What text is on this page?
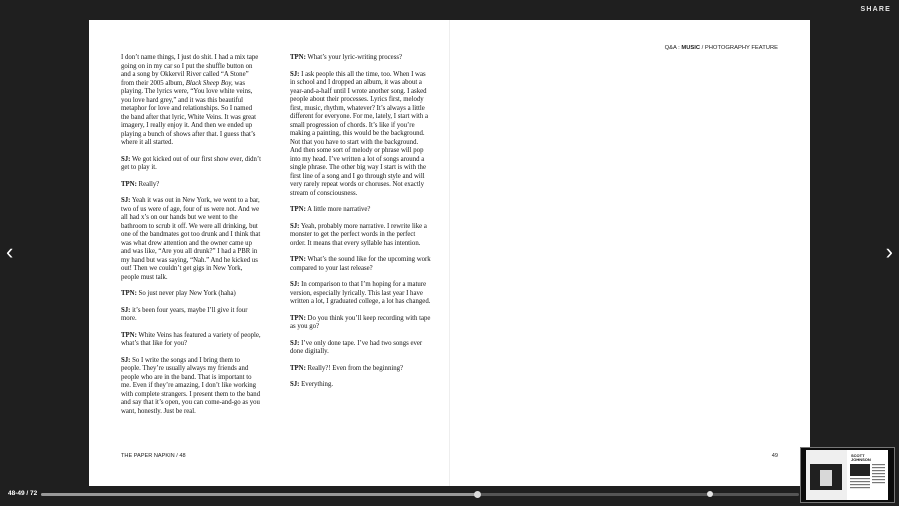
SHARE
‹	›

I don’t name things, I just do shit. I had a mix tape going on in my car so I put the shuffle button on and a song by Okkervil River called “A Stone” from their 2005 album, Black Sheep Boy, was playing. The lyrics were, “You love white veins, you love hard grey,” and it was this beautiful metaphor for love and relationships. So I named the band after that lyric, White Veins. It was great imagery, I really enjoy it. And then we ended up playing a bunch of shows after that. I guess that’s where it all started.

SJ: We got kicked out of our first show ever, didn’t get to play it.

TPN: Really?

SJ: Yeah it was out in New York, we went to a bar, two of us were of age, four of us were not. And we all had x’s on our hands but we went to the bathroom to scrub it off. We were all drinking, but one of the bandmates got too drunk and I think that was what drew attention and the owner came up and was like, “Are you all drunk?” I had a PBR in my hand but was saying, “Nah.” And he kicked us out! Then we couldn’t get gigs in New York, people must talk.

TPN: So just never play New York (haha)

SJ: it’s been four years, maybe I’ll give it four more.

TPN: White Veins has featured a variety of people, what’s that like for you?

SJ: So I write the songs and I bring them to people. They’re usually always my friends and people who are in the band. That is important to me. Even if they’re amazing, I don’t like working with complete strangers. I present them to the band and say that it’s open, you can come-and-go as you want, honestly. Just be real.

TPN: What’s your lyric-writing process?

SJ: I ask people this all the time, too. When I was in school and I dropped an album, it was about a year-and-a-half until I wrote another song. I asked people about their processes. Lyrics first, melody first, music, rhythm, whatever? It’s always a little different for everyone. For me, lately, I start with a small progression of chords. It’s like if you’re making a painting, this would be the background. Not that you have to start with the background. And then some sort of melody or phrase will pop into my head. I’ve written a lot of songs around a single phrase. The other big way I start is with the first line of a song and I go through style and will very rarely repeat words or choruses. Not exactly stream of consciousness.

TPN: A little more narrative?

SJ: Yeah, probably more narrative. I rewrite like a monster to get the perfect words in the perfect order. It means that every syllable has intention.

TPN: What’s the sound like for the upcoming work compared to your last release?

SJ: In comparison to that I’m hoping for a mature version, especially lyrically. This last year I have written a lot, I graduated college, a lot has changed.

TPN: Do you think you’ll keep recording with tape as you go?

SJ: I’ve only done tape. I’ve had two songs ever done digitally.

TPN: Really?! Even from the beginning?

SJ: Everything.

THE PAPER NAPKIN / 48
Q&A : MUSIC / PHOTOGRAPHY FEATURE
49
48-49 / 72
SCOTT JOHNSON
